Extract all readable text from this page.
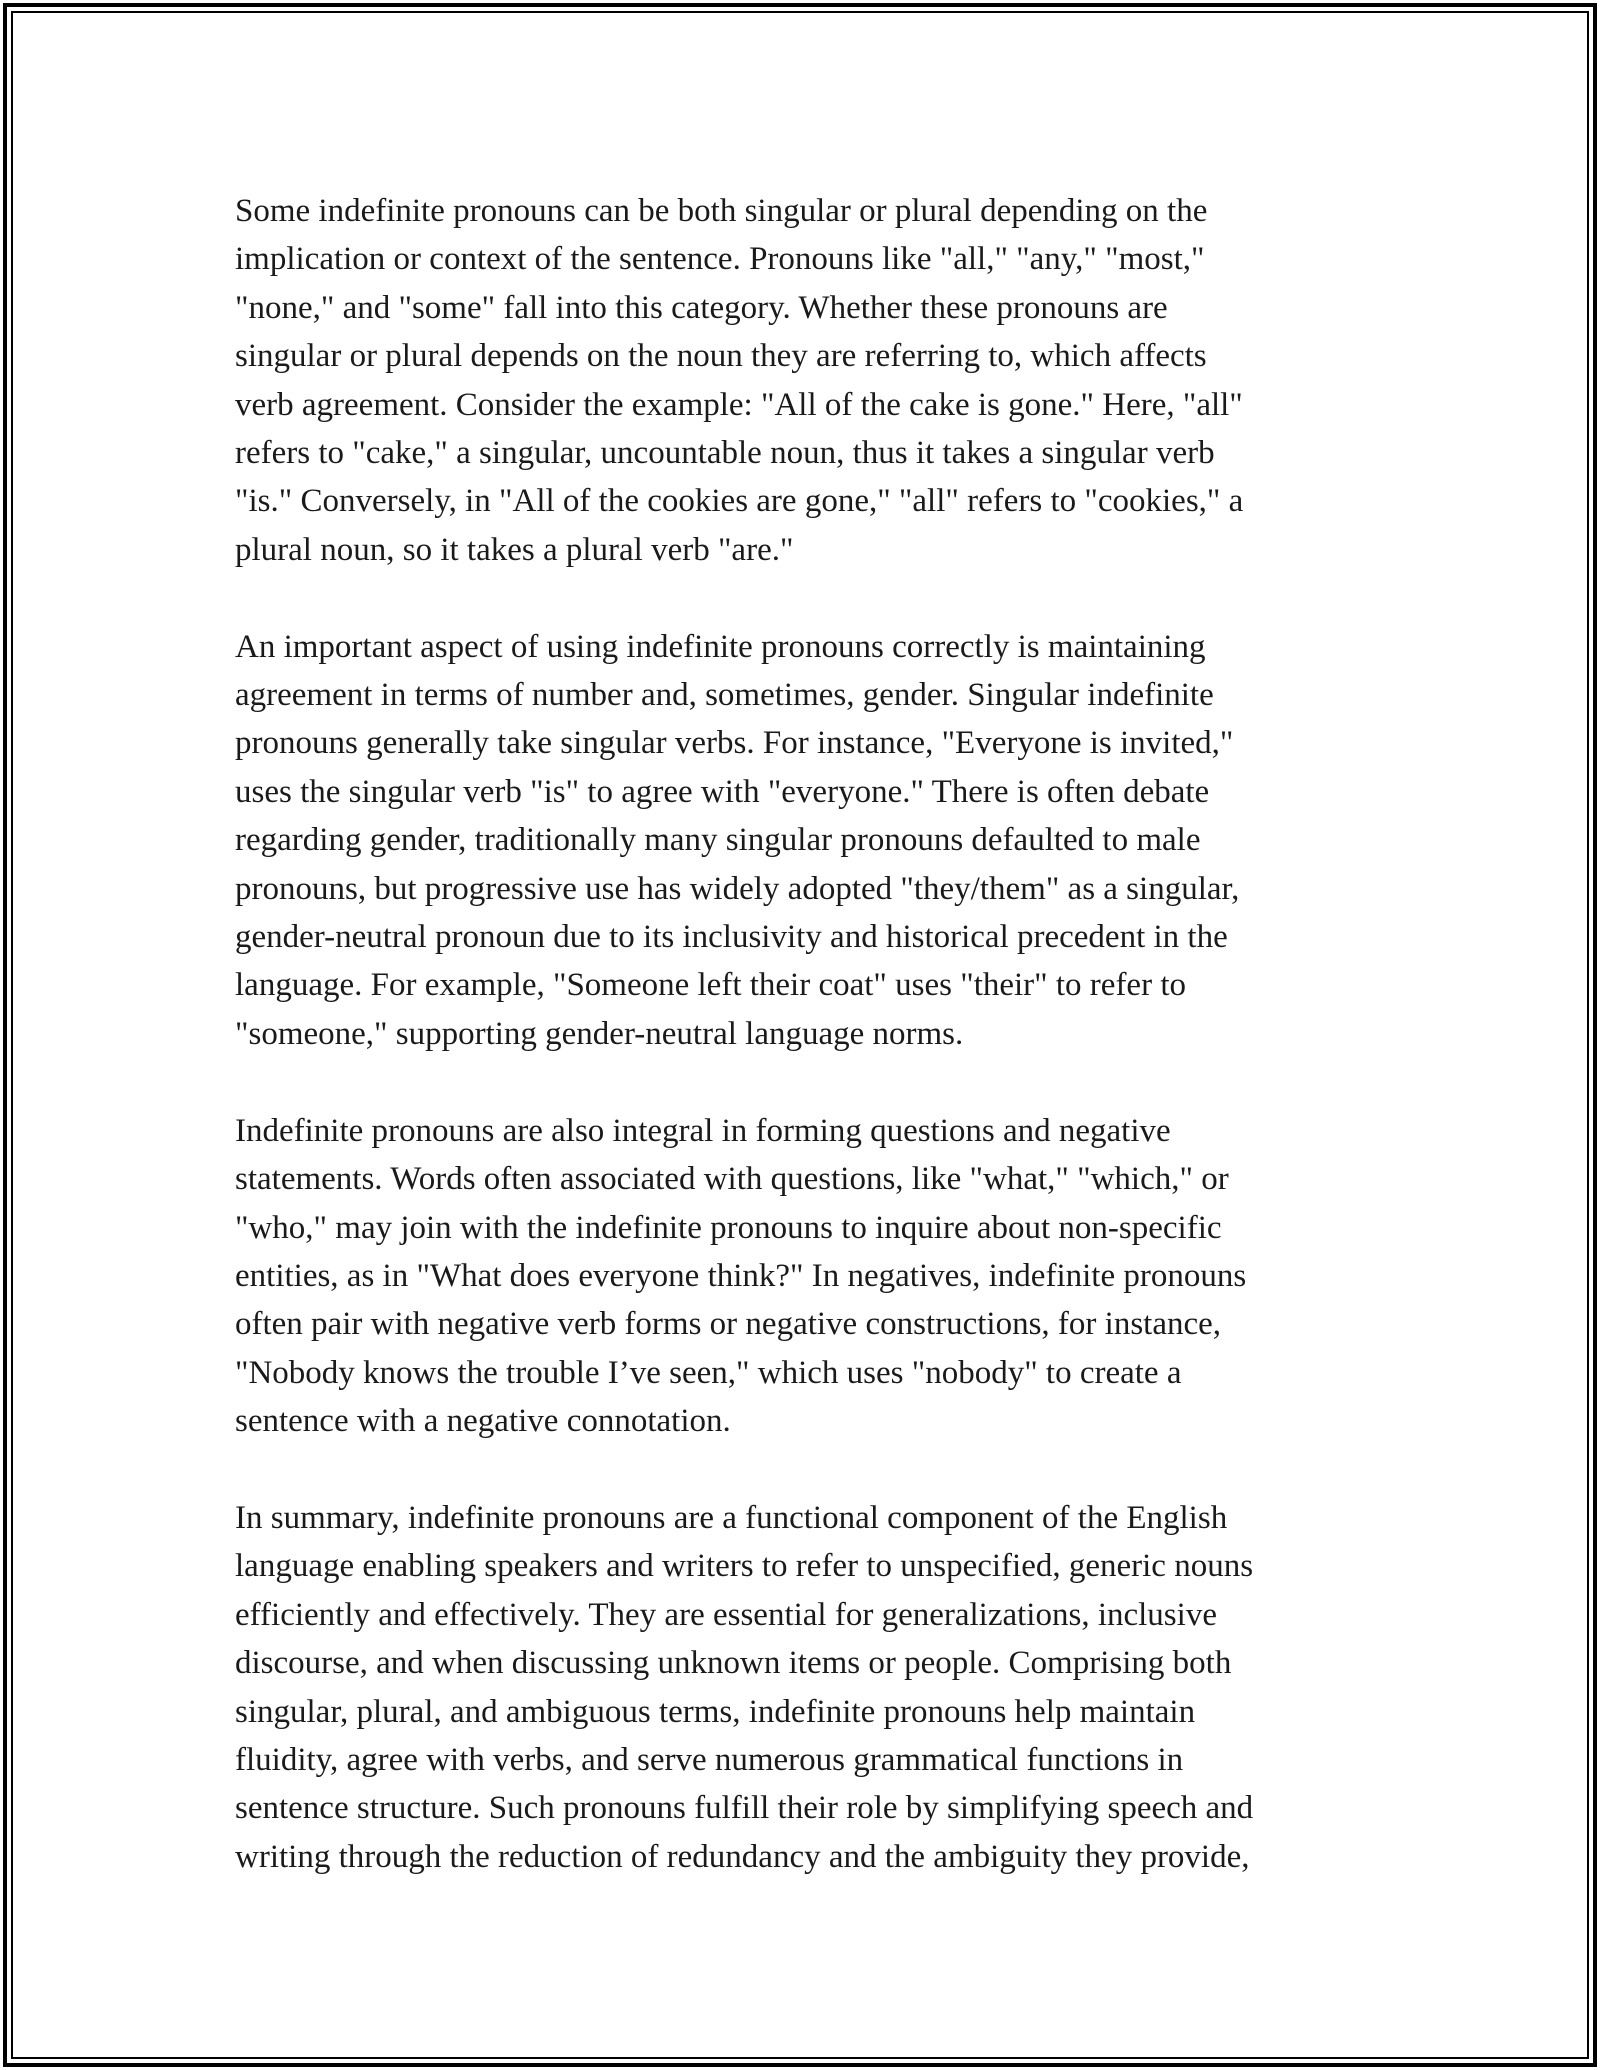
Some indefinite pronouns can be both singular or plural depending on the
implication or context of the sentence. Pronouns like "all," "any," "most,"
"none," and "some" fall into this category. Whether these pronouns are
singular or plural depends on the noun they are referring to, which affects
verb agreement. Consider the example: "All of the cake is gone." Here, "all"
refers to "cake," a singular, uncountable noun, thus it takes a singular verb
"is." Conversely, in "All of the cookies are gone," "all" refers to "cookies," a
plural noun, so it takes a plural verb "are."

An important aspect of using indefinite pronouns correctly is maintaining
agreement in terms of number and, sometimes, gender. Singular indefinite
pronouns generally take singular verbs. For instance, "Everyone is invited,"
uses the singular verb "is" to agree with "everyone." There is often debate
regarding gender, traditionally many singular pronouns defaulted to male
pronouns, but progressive use has widely adopted "they/them" as a singular,
gender-neutral pronoun due to its inclusivity and historical precedent in the
language. For example, "Someone left their coat" uses "their" to refer to
"someone," supporting gender-neutral language norms.

Indefinite pronouns are also integral in forming questions and negative
statements. Words often associated with questions, like "what," "which," or
"who," may join with the indefinite pronouns to inquire about non-specific
entities, as in "What does everyone think?" In negatives, indefinite pronouns
often pair with negative verb forms or negative constructions, for instance,
"Nobody knows the trouble I’ve seen," which uses "nobody" to create a
sentence with a negative connotation.

In summary, indefinite pronouns are a functional component of the English
language enabling speakers and writers to refer to unspecified, generic nouns
efficiently and effectively. They are essential for generalizations, inclusive
discourse, and when discussing unknown items or people. Comprising both
singular, plural, and ambiguous terms, indefinite pronouns help maintain
fluidity, agree with verbs, and serve numerous grammatical functions in
sentence structure. Such pronouns fulfill their role by simplifying speech and
writing through the reduction of redundancy and the ambiguity they provide,
